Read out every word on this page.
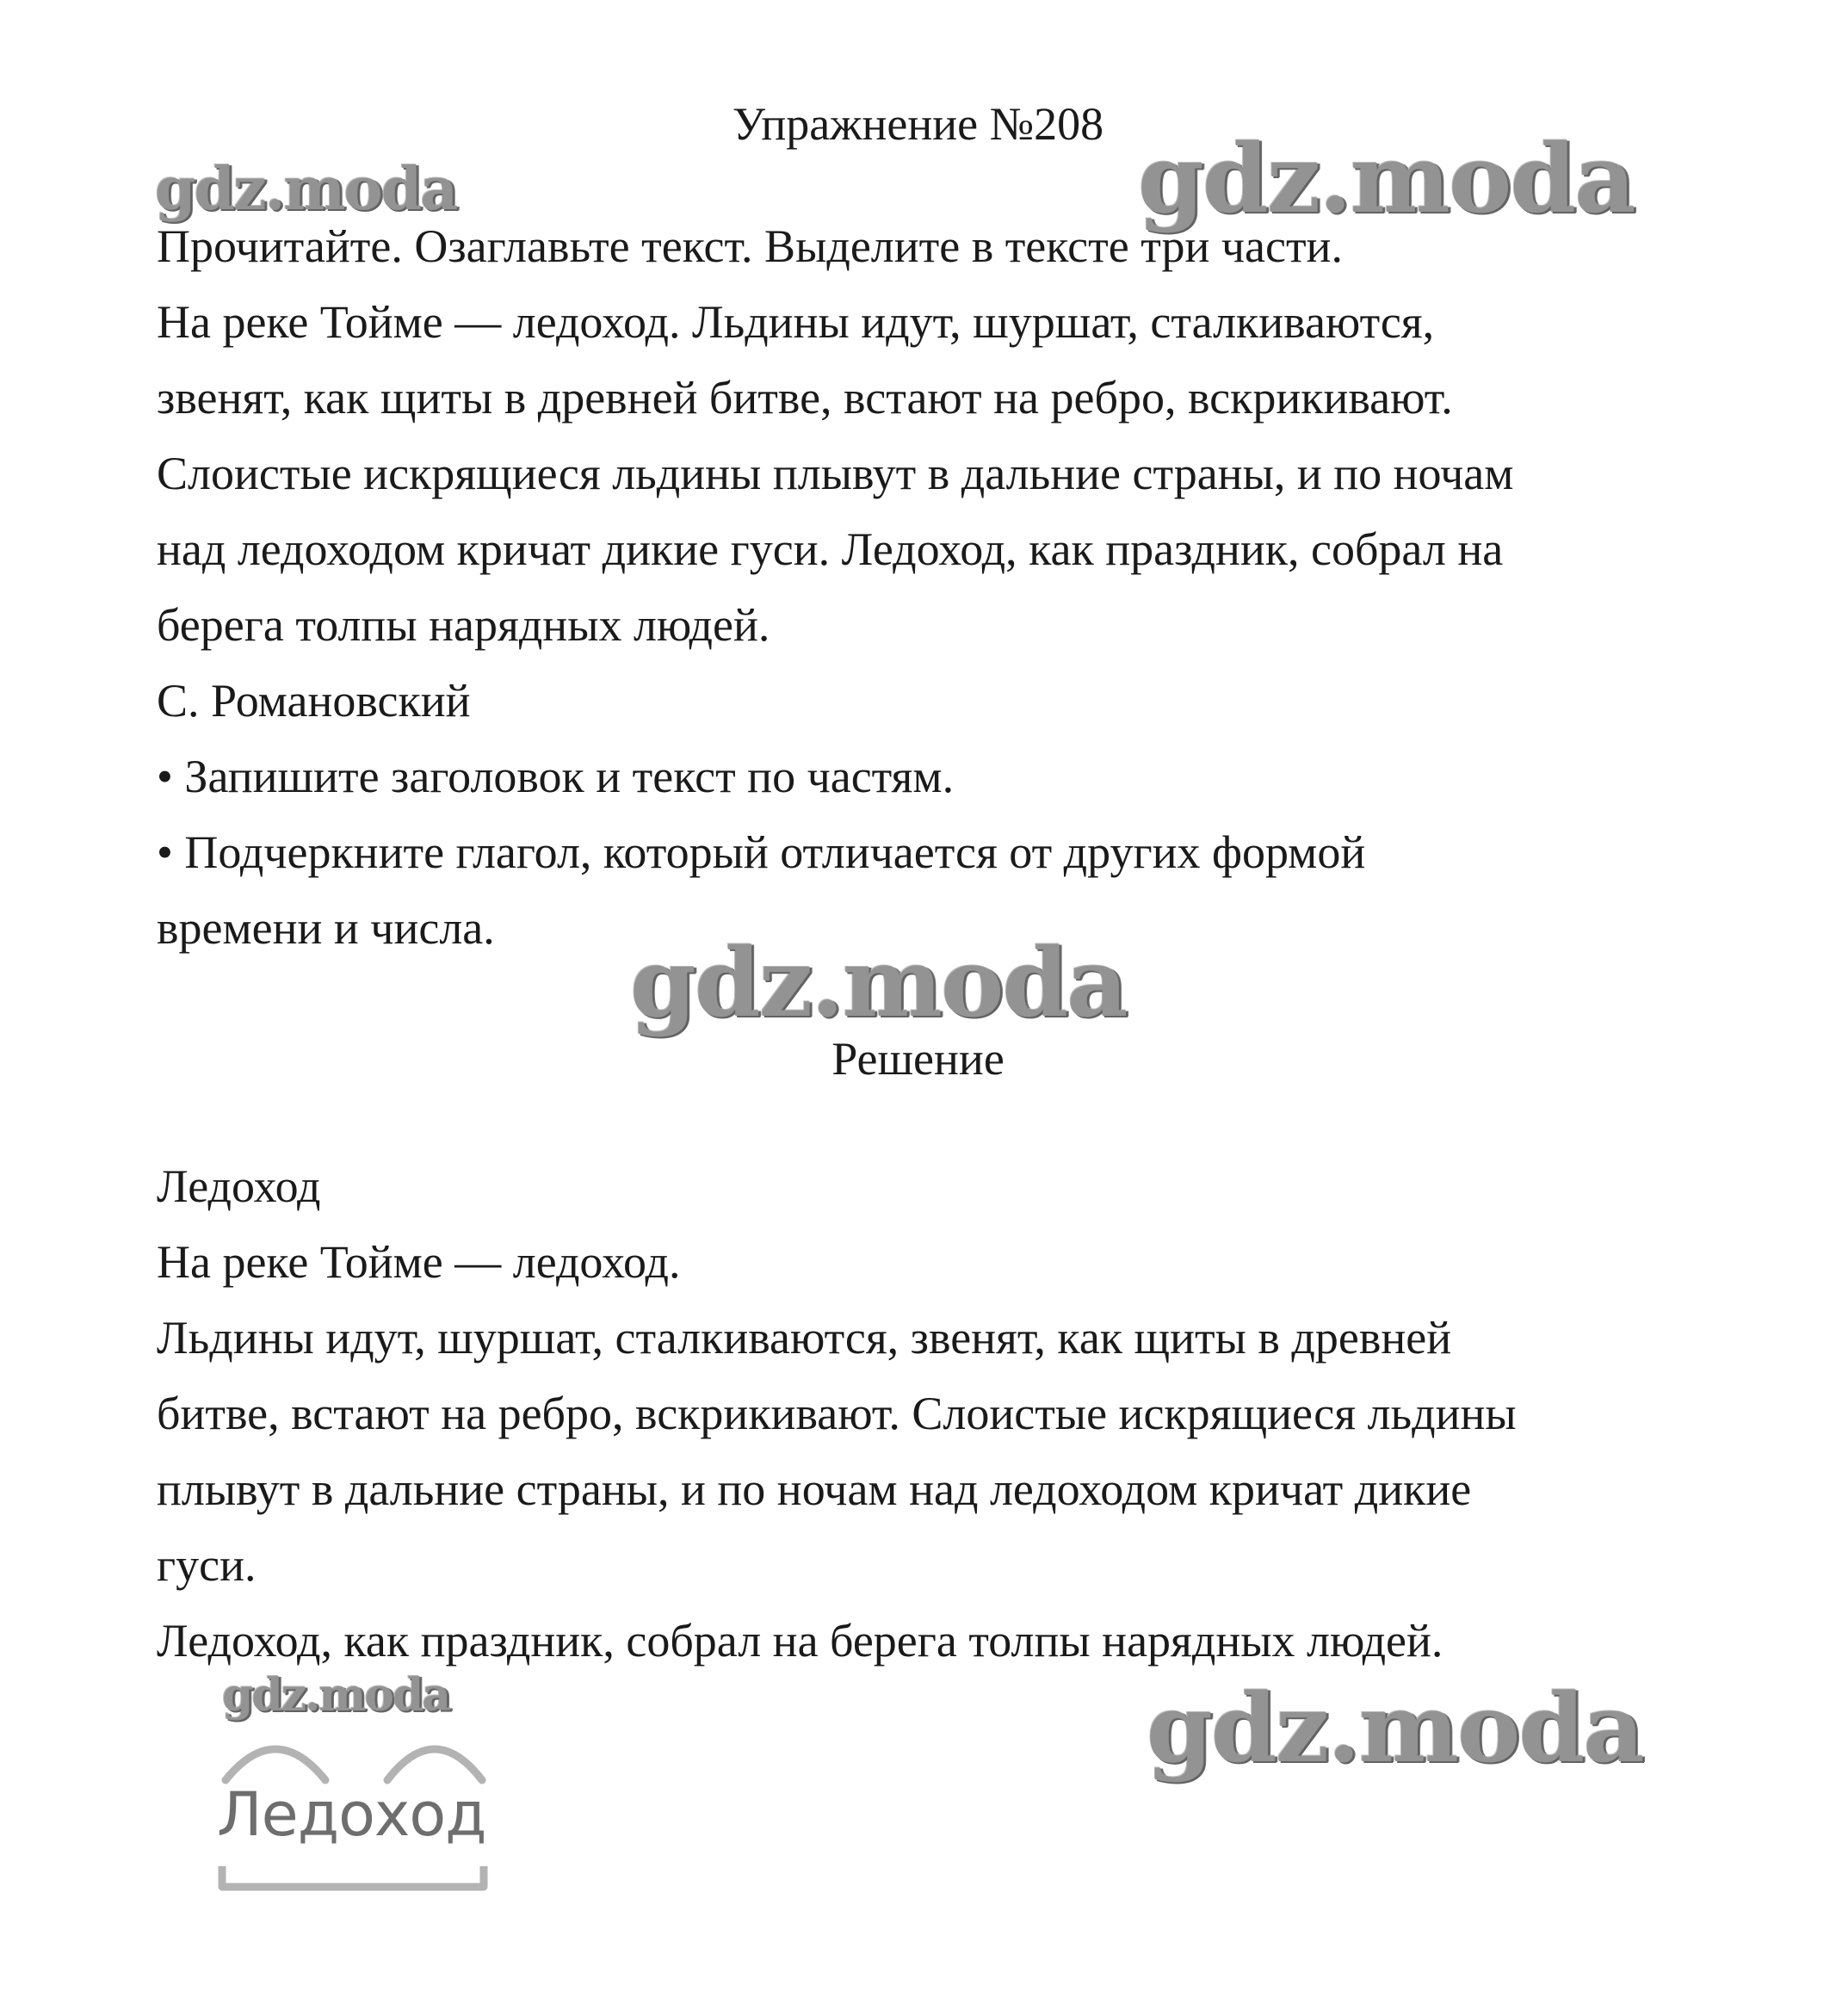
Упражнение №208
Прочитайте. Озаглавьте текст. Выделите в тексте три части.
На реке Тойме — ледоход. Льдины идут, шуршат, сталкиваются,
звенят, как щиты в древней битве, встают на ребро, вскрикивают.
Слоистые искрящиеся льдины плывут в дальние страны, и по ночам
над ледоходом кричат дикие гуси. Ледоход, как праздник, собрал на
берега толпы нарядных людей.
С. Романовский
• Запишите заголовок и текст по частям.
• Подчеркните глагол, который отличается от других формой
времени и числа.
Решение
Ледоход
На реке Тойме — ледоход.
Льдины идут, шуршат, сталкиваются, звенят, как щиты в древней
битве, встают на ребро, вскрикивают. Слоистые искрящиеся льдины
плывут в дальние страны, и по ночам над ледоходом кричат дикие
гуси.
Ледоход, как праздник, собрал на берега толпы нарядных людей.
gdz.moda	gdz.moda
gdz.moda
gdz.moda
gdz.moda
Ледоход
